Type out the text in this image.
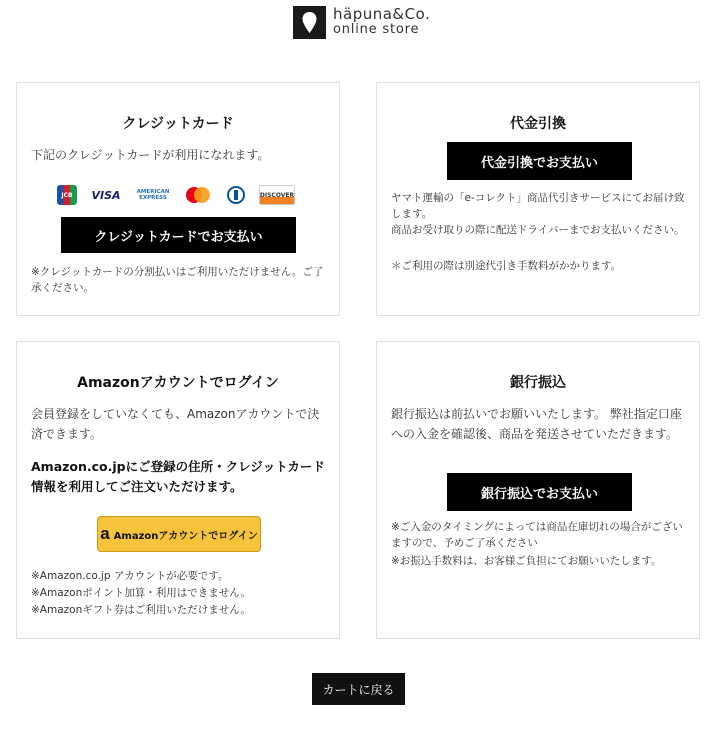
häpuna&Co.
online store
クレジットカード
下記のクレジットカードが利用になれます。
JCB VISA	AMERICAN EXPRESS	DISCOVER
クレジットカードでお支払い
※クレジットカードの分割払いはご利用いただけません。ご了承ください。
代金引換
代金引換でお支払い
ヤマト運輸の「e-コレクト」商品代引きサービスにてお届け致します。
商品お受け取りの際に配送ドライバーまでお支払いください。
＊ご利用の際は別途代引き手数料がかかります。
Amazonアカウントでログイン
会員登録をしていなくても、Amazonアカウントで決済できます。
Amazon.co.jpにご登録の住所・クレジットカード情報を利用してご注文いただけます。
a Amazonアカウントでログイン
※Amazon.co.jp アカウントが必要です。
※Amazonポイント加算・利用はできません。
※Amazonギフト券はご利用いただけません。
銀行振込
銀行振込は前払いでお願いいたします。 弊社指定口座への入金を確認後、商品を発送させていただきます。
銀行振込でお支払い
※ご入金のタイミングによっては商品在庫切れの場合がございますので、予めご了承ください
※お振込手数料は、お客様ご負担にてお願いいたします。
カートに戻る
